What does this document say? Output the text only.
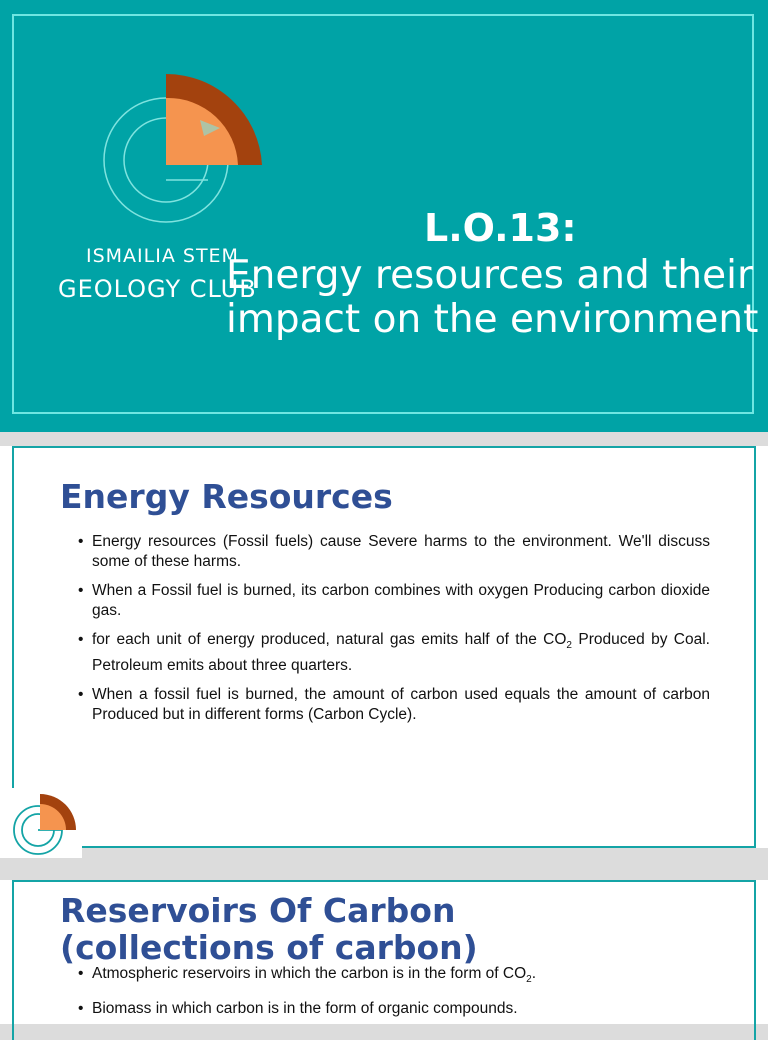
ISMAILIA STEM
GEOLOGY CLUB
L.O.13:
Energy resources and their
impact on the environment
Energy Resources
• Energy resources (Fossil fuels) cause Severe harms to the environment. We'll discuss some of these harms.
• When a Fossil fuel is burned, its carbon combines with oxygen Producing carbon dioxide gas.
• for each unit of energy produced, natural gas emits half of the $CO_2$ Produced by Coal. Petroleum emits about three quarters.
• When a fossil fuel is burned, the amount of carbon used equals the amount of carbon Produced but in different forms (Carbon Cycle).
Reservoirs Of Carbon
(collections of carbon)
• Atmospheric reservoirs in which the carbon is in the form of $CO_2$.
• Biomass in which carbon is in the form of organic compounds.
